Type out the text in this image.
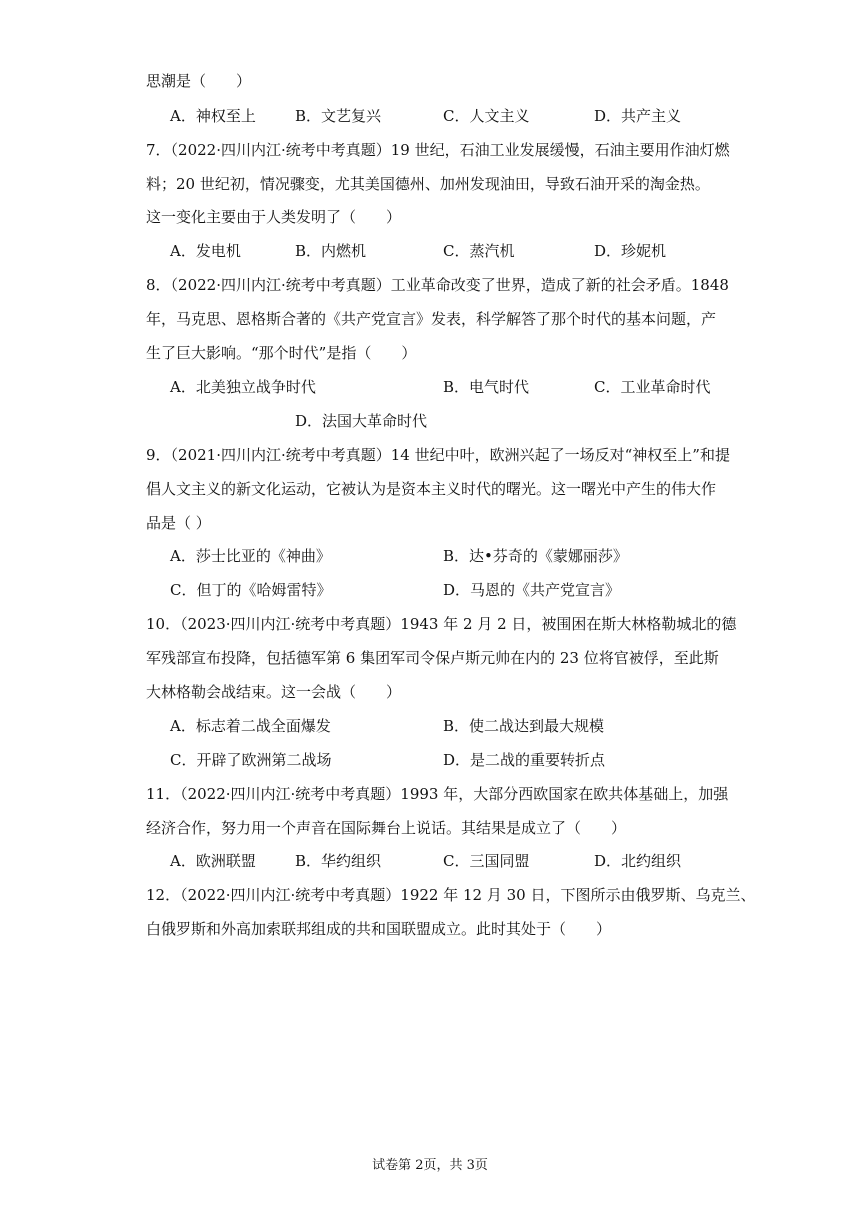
思潮是（　　）
A．神权至上	B．文艺复兴	C．人文主义	D．共产主义
7．（2022·四川内江·统考中考真题）19 世纪，石油工业发展缓慢，石油主要用作油灯燃
料；20 世纪初，情况骤变，尤其美国德州、加州发现油田，导致石油开采的淘金热。
这一变化主要由于人类发明了（　　）
A．发电机	B．内燃机	C．蒸汽机	D．珍妮机
8．（2022·四川内江·统考中考真题）工业革命改变了世界，造成了新的社会矛盾。1848
年，马克思、恩格斯合著的《共产党宣言》发表，科学解答了那个时代的基本问题，产
生了巨大影响。“那个时代”是指（　　）
A．北美独立战争时代	B．电气时代	C．工业革命时代
D．法国大革命时代
9．（2021·四川内江·统考中考真题）14 世纪中叶，欧洲兴起了一场反对“神权至上”和提
倡人文主义的新文化运动，它被认为是资本主义时代的曙光。这一曙光中产生的伟大作
品是（ ）
A．莎士比亚的《神曲》	B．达•芬奇的《蒙娜丽莎》
C．但丁的《哈姆雷特》	D．马恩的《共产党宣言》
10．（2023·四川内江·统考中考真题）1943 年 2 月 2 日，被围困在斯大林格勒城北的德
军残部宣布投降，包括德军第 6 集团军司令保卢斯元帅在内的 23 位将官被俘，至此斯
大林格勒会战结束。这一会战（　　）
A．标志着二战全面爆发	B．使二战达到最大规模
C．开辟了欧洲第二战场	D．是二战的重要转折点
11．（2022·四川内江·统考中考真题）1993 年，大部分西欧国家在欧共体基础上，加强
经济合作，努力用一个声音在国际舞台上说话。其结果是成立了（　　）
A．欧洲联盟	B．华约组织	C．三国同盟	D．北约组织
12．（2022·四川内江·统考中考真题）1922 年 12 月 30 日，下图所示由俄罗斯、乌克兰、
白俄罗斯和外高加索联邦组成的共和国联盟成立。此时其处于（　　）
试卷第 2页，共 3页
